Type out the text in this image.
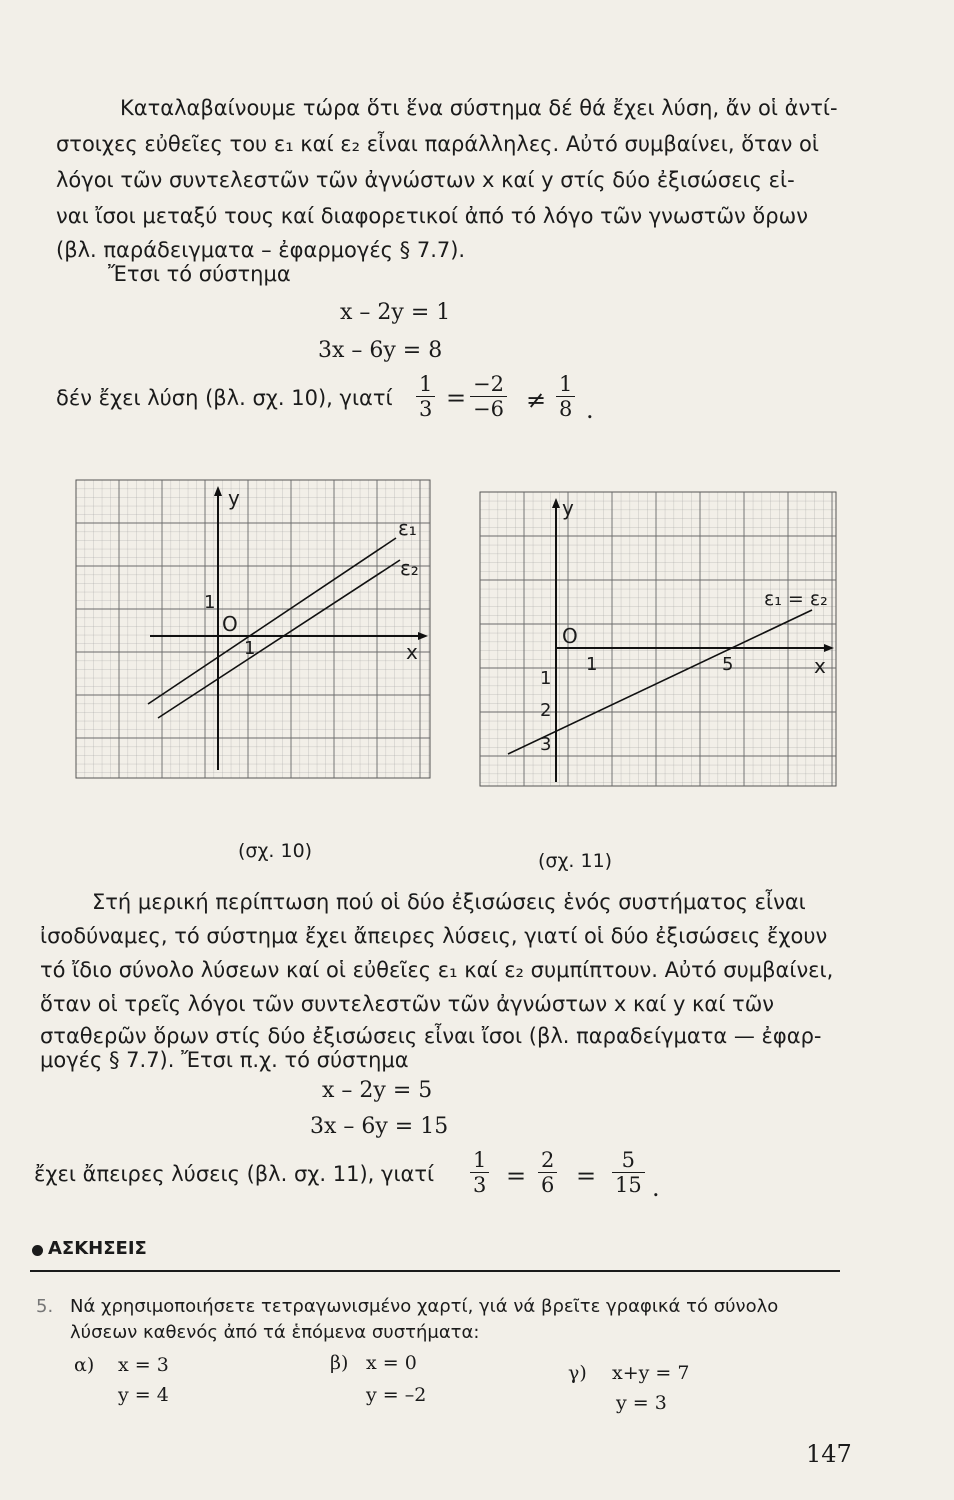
Καταλαβαίνουμε τώρα ὅτι ἕνα σύστημα δέ θά ἔχει λύση, ἄν οἱ ἀντί-
στοιχες εὐθεῖες του ε₁ καί ε₂ εἶναι παράλληλες. Αὐτό συμβαίνει, ὅταν οἱ
λόγοι τῶν συντελεστῶν τῶν ἀγνώστων x καί y στίς δύο ἐξισώσεις εἰ-
ναι ἴσοι μεταξύ τους καί διαφορετικοί ἀπό τό λόγο τῶν γνωστῶν ὅρων
(βλ. παράδειγματα – ἐφαρμογές § 7.7).
Ἔτσι τό σύστημα
x – 2y = 1
3x – 6y = 8
δέν ἔχει λύση (βλ. σχ. 10), γιατί $\frac{1}{3} = \frac{-2}{-6} \ne \frac{1}{8}$ .
y
x
O
1
1
ε₁
ε₂
(σχ. 10)
y
x
O
1	5
1
2
3
ε₁ = ε₂
(σχ. 11)
Στή μερική περίπτωση πού οἱ δύο ἐξισώσεις ἑνός συστήματος εἶναι
ἰσοδύναμες, τό σύστημα ἔχει ἄπειρες λύσεις, γιατί οἱ δύο ἐξισώσεις ἔχουν
τό ἴδιο σύνολο λύσεων καί οἱ εὐθεῖες ε₁ καί ε₂ συμπίπτουν. Αὐτό συμβαίνει,
ὅταν οἱ τρεῖς λόγοι τῶν συντελεστῶν τῶν ἀγνώστων x καί y καί τῶν
σταθερῶν ὅρων στίς δύο ἐξισώσεις εἶναι ἴσοι (βλ. παραδείγματα — ἐφαρ-
μογές § 7.7). Ἔτσι π.χ. τό σύστημα
x – 2y = 5
3x – 6y = 15
ἔχει ἄπειρες λύσεις (βλ. σχ. 11), γιατί $\frac{1}{3} = \frac{2}{6} = \frac{5}{15}$ .
ΑΣΚΗΣΕΙΣ
5. Νά χρησιμοποιήσετε τετραγωνισμένο χαρτί, γιά νά βρεῖτε γραφικά τό σύνολο
λύσεων καθενός ἀπό τά ἑπόμενα συστήματα:
α) x = 3
y = 4
β) x = 0
y = –2
γ) x+y = 7
y = 3
147
